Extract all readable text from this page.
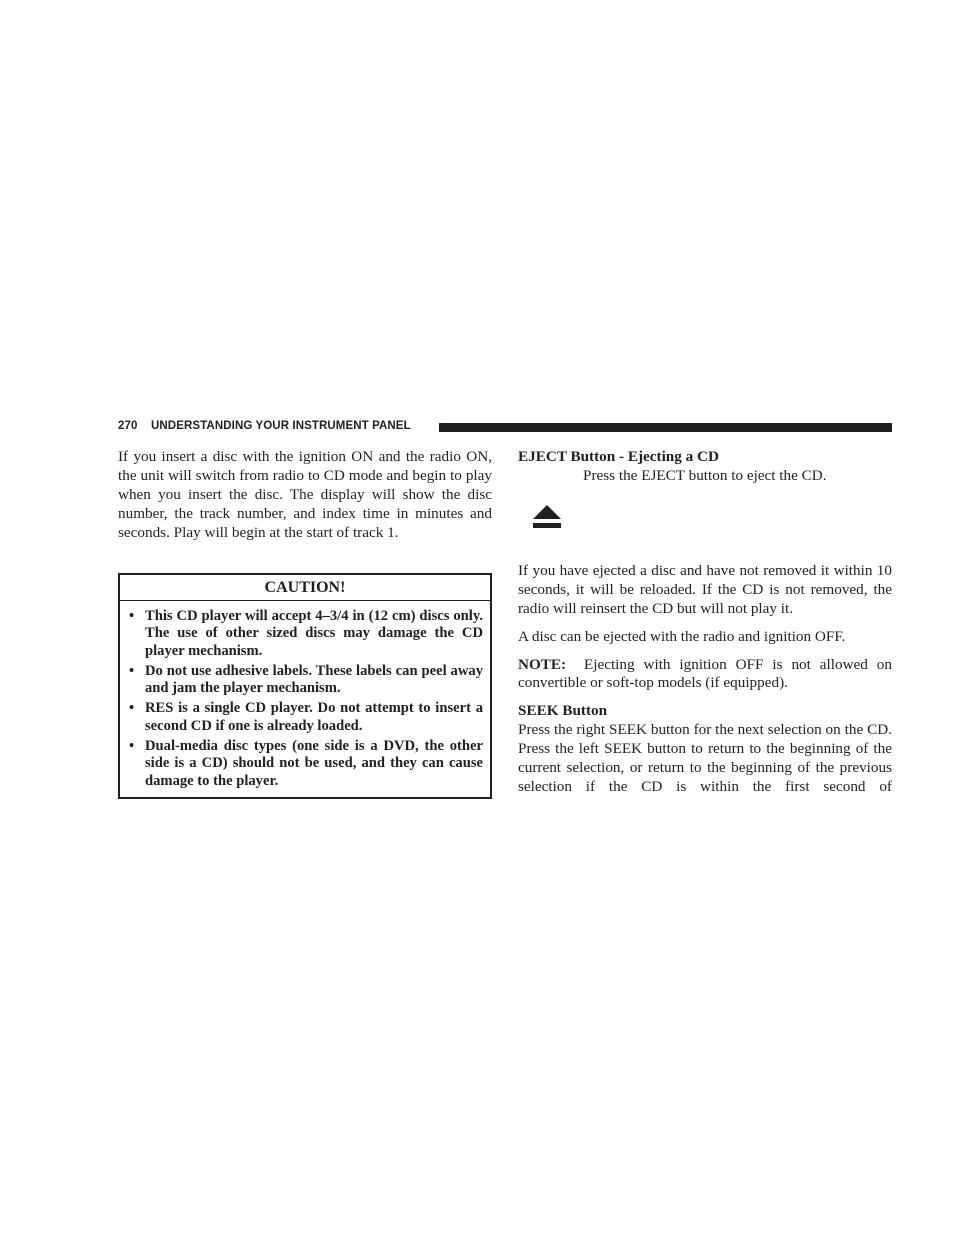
270 UNDERSTANDING YOUR INSTRUMENT PANEL

If you insert a disc with the ignition ON and the radio ON, the unit will switch from radio to CD mode and begin to play when you insert the disc. The display will show the disc number, the track number, and index time in minutes and seconds. Play will begin at the start of track 1.

CAUTION!
• This CD player will accept 4–3/4 in (12 cm) discs only. The use of other sized discs may damage the CD player mechanism.
• Do not use adhesive labels. These labels can peel away and jam the player mechanism.
• RES is a single CD player. Do not attempt to insert a second CD if one is already loaded.
• Dual-media disc types (one side is a DVD, the other side is a CD) should not be used, and they can cause damage to the player.
EJECT Button - Ejecting a CD
Press the EJECT button to eject the CD.

If you have ejected a disc and have not removed it within 10 seconds, it will be reloaded. If the CD is not removed, the radio will reinsert the CD but will not play it.

A disc can be ejected with the radio and ignition OFF.

NOTE: Ejecting with ignition OFF is not allowed on convertible or soft-top models (if equipped).

SEEK Button

Press the right SEEK button for the next selection on the CD. Press the left SEEK button to return to the beginning of the current selection, or return to the beginning of the previous selection if the CD is within the first second of
